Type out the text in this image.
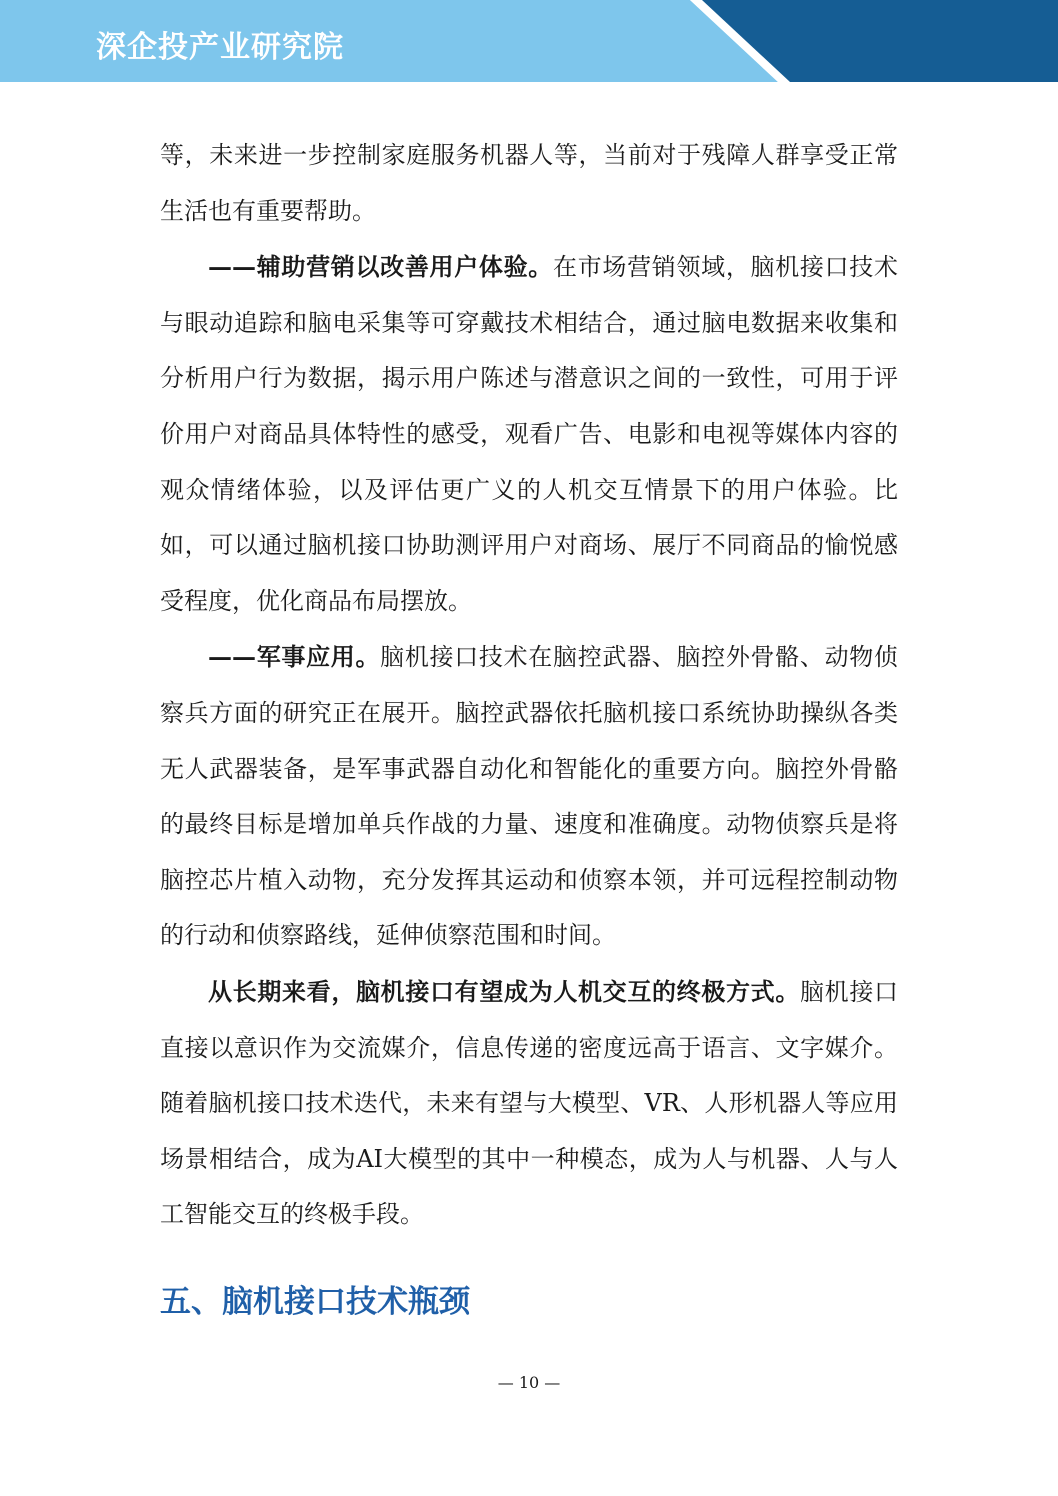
深企投产业研究院

等，未来进一步控制家庭服务机器人等，当前对于残障人群享受正常生活也有重要帮助。

——辅助营销以改善用户体验。在市场营销领域，脑机接口技术与眼动追踪和脑电采集等可穿戴技术相结合，通过脑电数据来收集和分析用户行为数据，揭示用户陈述与潜意识之间的一致性，可用于评价用户对商品具体特性的感受，观看广告、电影和电视等媒体内容的观众情绪体验，以及评估更广义的人机交互情景下的用户体验。比如，可以通过脑机接口协助测评用户对商场、展厅不同商品的愉悦感受程度，优化商品布局摆放。

——军事应用。脑机接口技术在脑控武器、脑控外骨骼、动物侦察兵方面的研究正在展开。脑控武器依托脑机接口系统协助操纵各类无人武器装备，是军事武器自动化和智能化的重要方向。脑控外骨骼的最终目标是增加单兵作战的力量、速度和准确度。动物侦察兵是将脑控芯片植入动物，充分发挥其运动和侦察本领，并可远程控制动物的行动和侦察路线，延伸侦察范围和时间。

从长期来看，脑机接口有望成为人机交互的终极方式。脑机接口直接以意识作为交流媒介，信息传递的密度远高于语言、文字媒介。随着脑机接口技术迭代，未来有望与大模型、VR、人形机器人等应用场景相结合，成为AI大模型的其中一种模态，成为人与机器、人与人工智能交互的终极手段。

五、脑机接口技术瓶颈
— 10 —
